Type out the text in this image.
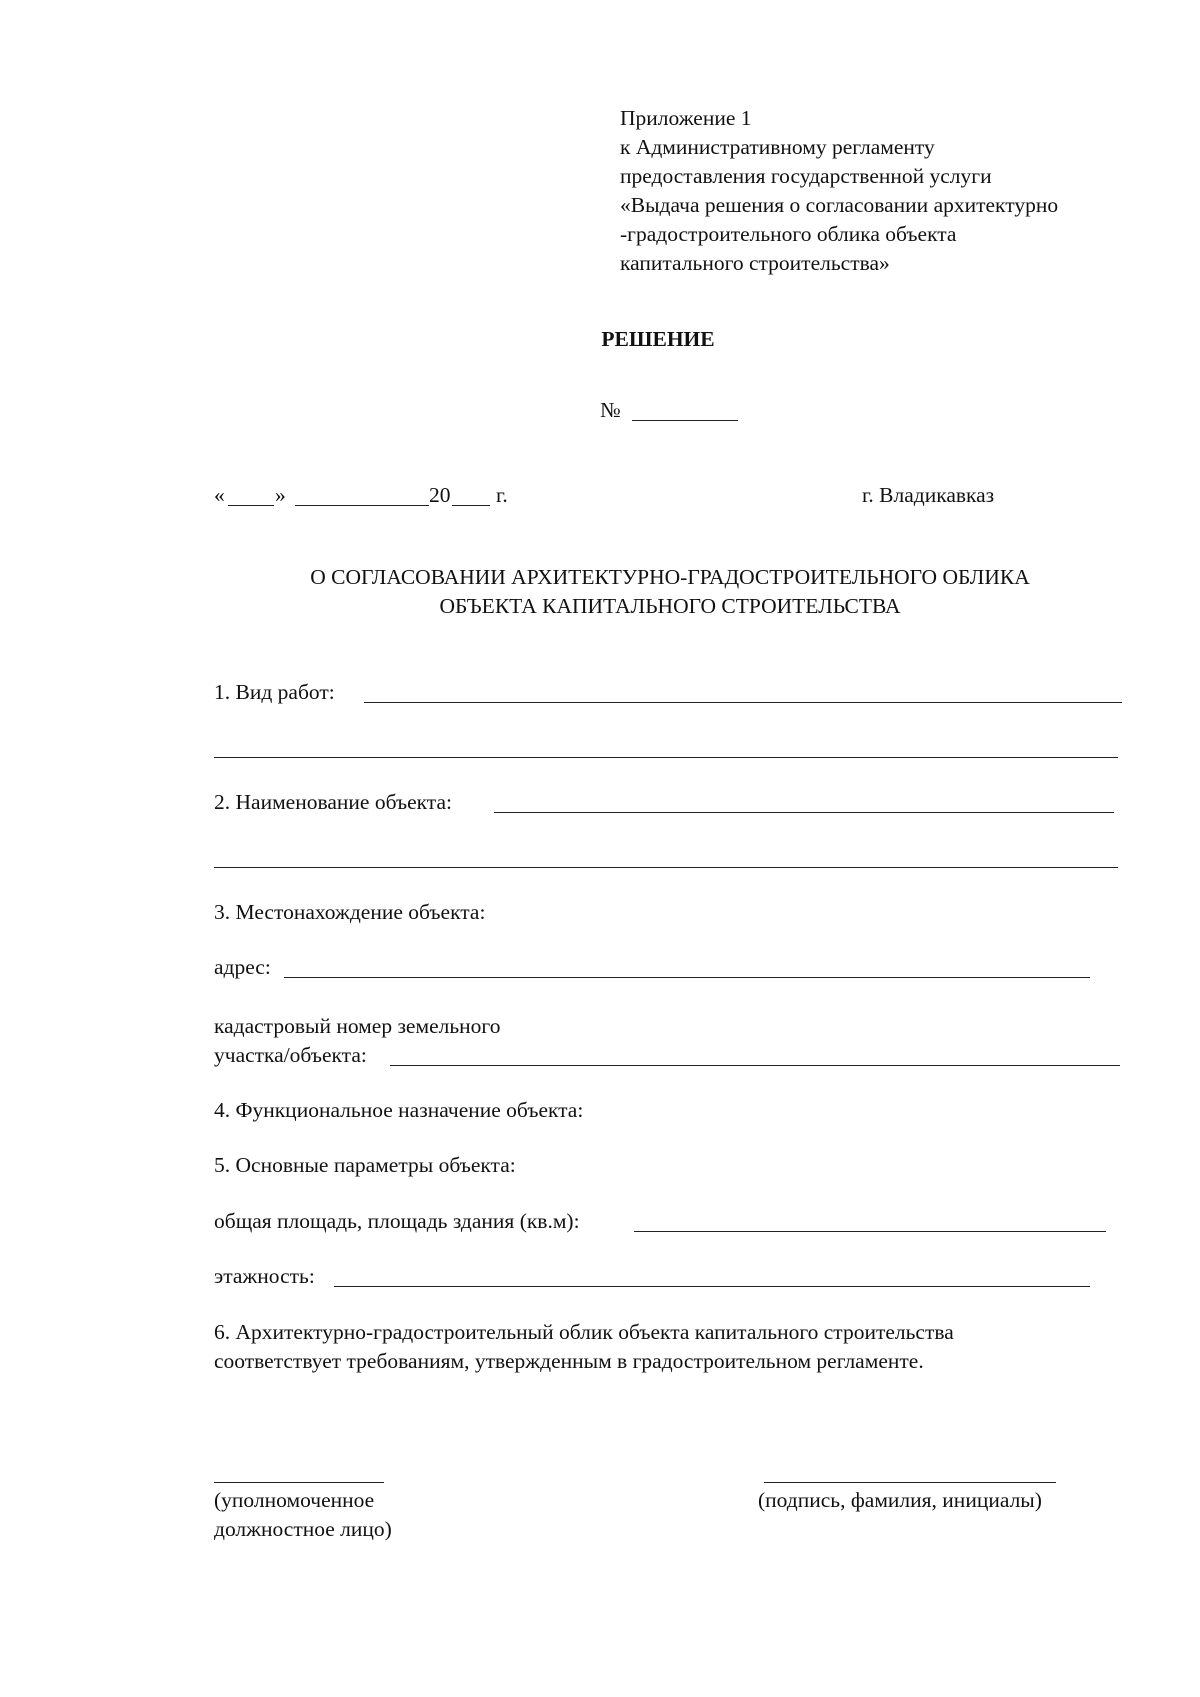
Приложение 1
к Административному регламенту
предоставления государственной услуги
«Выдача решения о согласовании архитектурно
-градостроительного облика объекта
капитального строительства»
РЕШЕНИЕ
№
« »	20 г.	г. Владикавказ
О СОГЛАСОВАНИИ АРХИТЕКТУРНО-ГРАДОСТРОИТЕЛЬНОГО ОБЛИКА
ОБЪЕКТА КАПИТАЛЬНОГО СТРОИТЕЛЬСТВА
1. Вид работ:
2. Наименование объекта:
3. Местонахождение объекта:
адрес:
кадастровый номер земельного
участка/объекта:
4. Функциональное назначение объекта:
5. Основные параметры объекта:
общая площадь, площадь здания (кв.м):
этажность:
6. Архитектурно-градостроительный облик объекта капитального строительства
соответствует требованиям, утвержденным в градостроительном регламенте.
(уполномоченное
должностное лицо)
(подпись, фамилия, инициалы)
